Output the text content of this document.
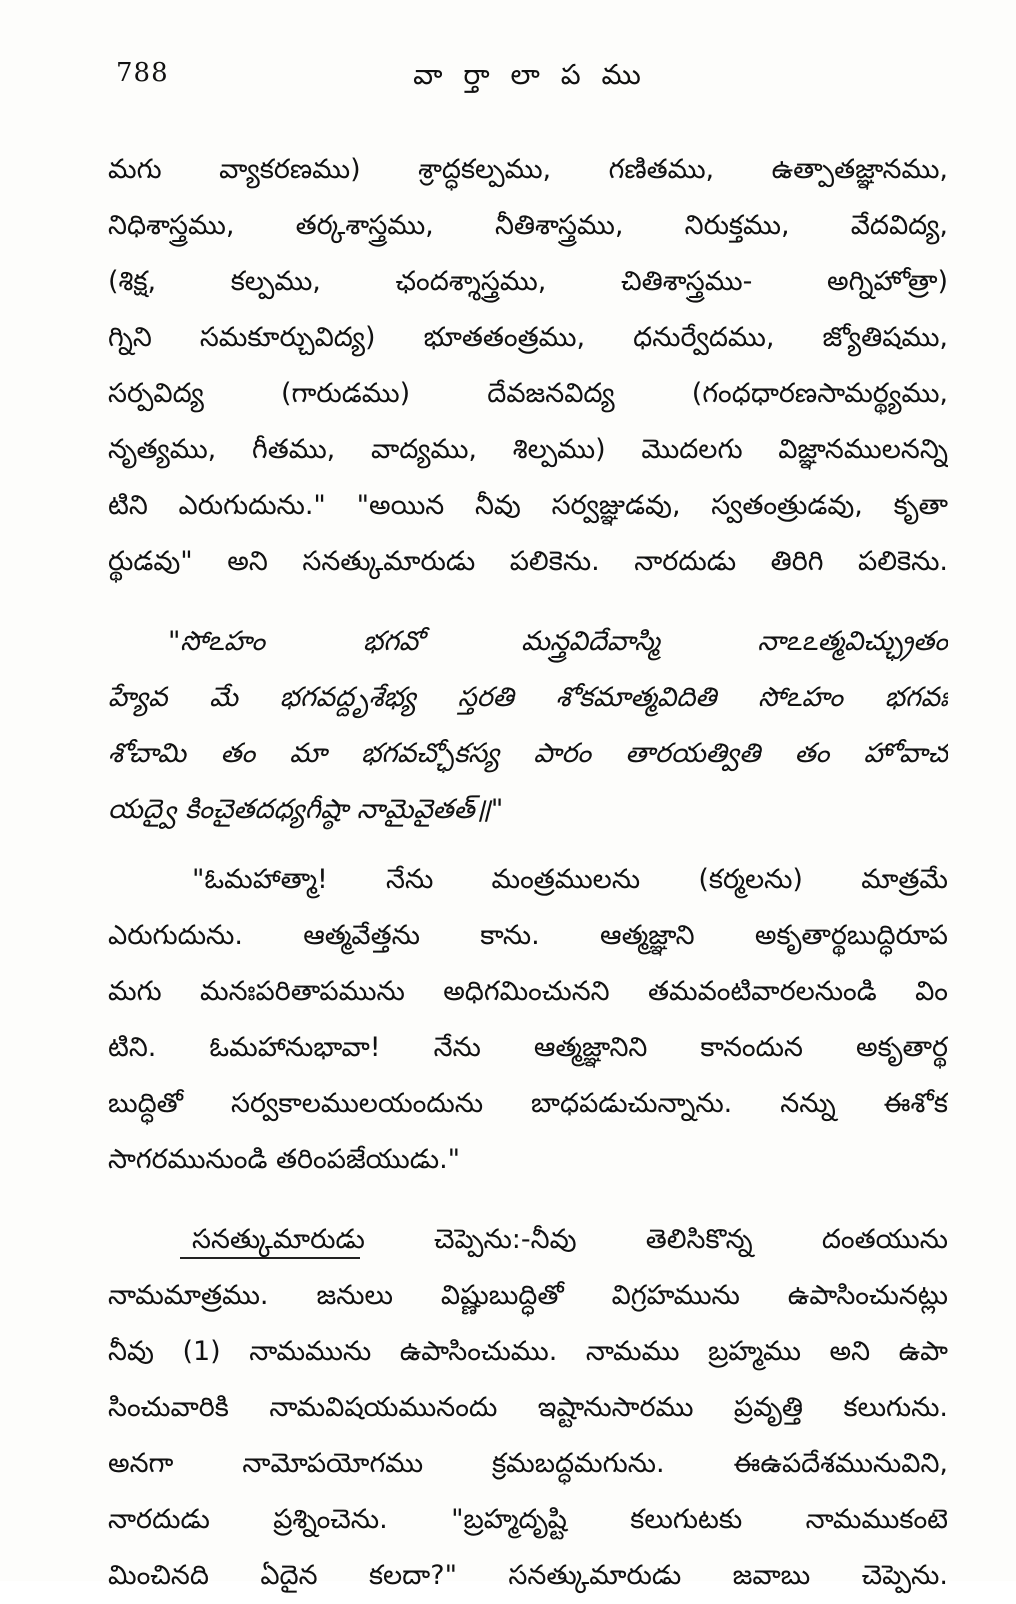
788	వా ర్తా లా ప ము
మగు వ్యాకరణము) శ్రాద్ధకల్పము, గణితము, ఉత్పాతజ్ఞానము,
నిధిశాస్త్రము, తర్కశాస్త్రము, నీతిశాస్త్రము, నిరుక్తము, వేదవిద్య,
(శిక్ష, కల్పము, ఛందశ్శాస్త్రము, చితిశాస్త్రము- అగ్నిహోత్రా)
గ్నిని సమకూర్చువిద్య) భూతతంత్రము, ధనుర్వేదము, జ్యోతిషము,
సర్పవిద్య (గారుడము) దేవజనవిద్య (గంధధారణసామర్థ్యము,
నృత్యము, గీతము, వాద్యము, శిల్పము) మొదలగు విజ్ఞానములనన్ని
టిని ఎరుగుదును." "అయిన నీవు సర్వజ్ఞుడవు, స్వతంత్రుడవు, కృతా
ర్థుడవు" అని సనత్కుమారుడు పలికెను. నారదుడు తిరిగి పలికెను.
"సోఽహం భగవో మన్త్రవిదేవాస్మి నాఽఽత్మవిచ్ఛ్రుతం
హ్యేవ మే భగవద్దృశేభ్య స్తరతి శోకమాత్మవిదితి సోఽహం భగవః
శోచామి తం మా భగవచ్ఛోకస్య పారం తారయత్వితి తం హోవాచ
యద్వై కించైతదధ్యగీష్ఠా నామైవైతత్॥"
"ఓమహాత్మా! నేను మంత్రములను (కర్మలను) మాత్రమే
ఎరుగుదును. ఆత్మవేత్తను కాను. ఆత్మజ్ఞాని అకృతార్థబుద్ధిరూప
మగు మనఃపరితాపమును అధిగమించునని తమవంటివారలనుండి విం
టిని. ఓమహానుభావా! నేను ఆత్మజ్ఞానిని కానందున అకృతార్థ
బుద్ధితో సర్వకాలములయందును బాధపడుచున్నాను. నన్ను ఈశోక
సాగరమునుండి తరింపజేయుడు."
సనత్కుమారుడు చెప్పెను:-నీవు తెలిసికొన్న దంతయును
నామమాత్రము. జనులు విష్ణుబుద్ధితో విగ్రహమును ఉపాసించునట్లు
నీవు (1) నామమును ఉపాసించుము. నామము బ్రహ్మము అని ఉపా
సించువారికి నామవిషయమునందు ఇష్టానుసారము ప్రవృత్తి కలుగును.
అనగా నామోపయోగము క్రమబద్ధమగును. ఈఉపదేశమునువిని,
నారదుడు ప్రశ్నించెను. "బ్రహ్మదృష్టి కలుగుటకు నామముకంటె
మించినది ఏదైన కలదా?" సనత్కుమారుడు జవాబు చెప్పెను.
